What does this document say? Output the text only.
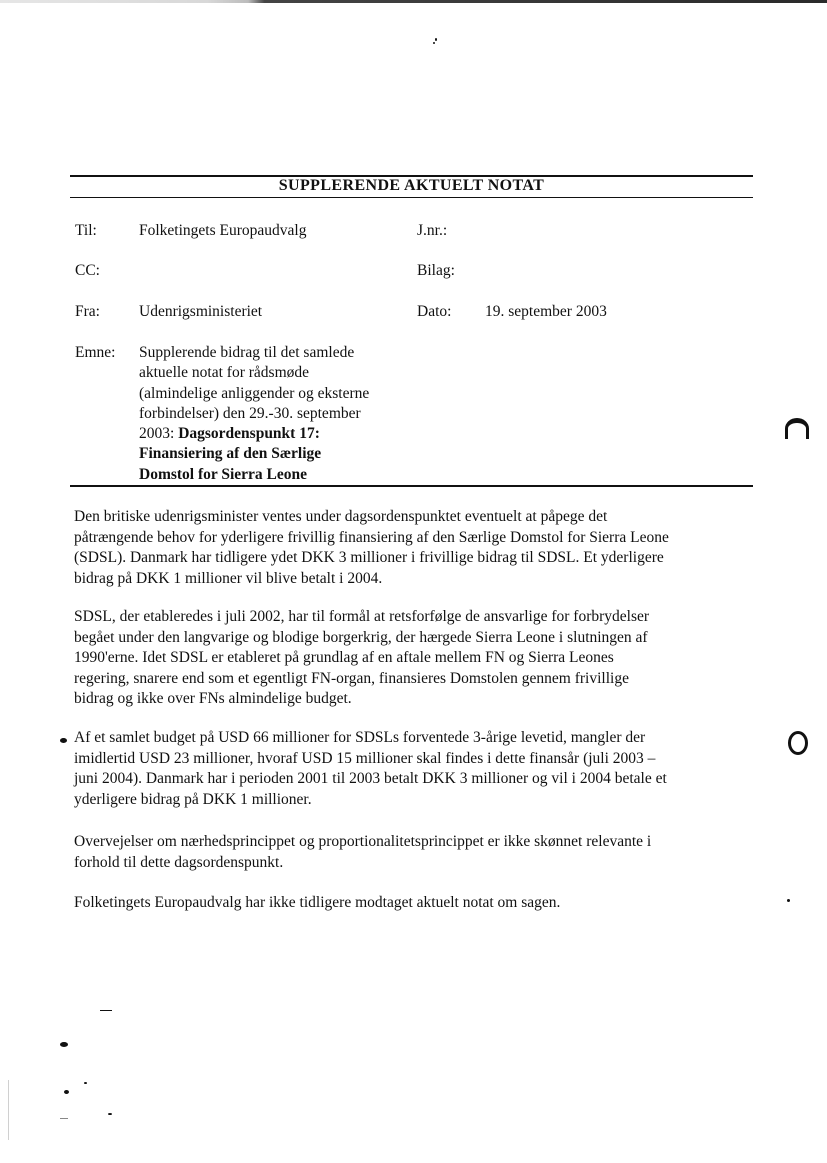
SUPPLERENDE AKTUELT NOTAT
Til:	Folketingets Europaudvalg	J.nr.:
CC:	Bilag:
Fra:	Udenrigsministeriet	Dato: 19. september 2003
Emne: Supplerende bidrag til det samlede
aktuelle notat for rådsmøde
(almindelige anliggender og eksterne
forbindelser) den 29.-30. september
2003: Dagsordenspunkt 17:
Finansiering af den Særlige
Domstol for Sierra Leone
Den britiske udenrigsminister ventes under dagsordenspunktet eventuelt at påpege det
påtrængende behov for yderligere frivillig finansiering af den Særlige Domstol for Sierra Leone
(SDSL). Danmark har tidligere ydet DKK 3 millioner i frivillige bidrag til SDSL. Et yderligere
bidrag på DKK 1 millioner vil blive betalt i 2004.
SDSL, der etableredes i juli 2002, har til formål at retsforfølge de ansvarlige for forbrydelser
begået under den langvarige og blodige borgerkrig, der hærgede Sierra Leone i slutningen af
1990'erne. Idet SDSL er etableret på grundlag af en aftale mellem FN og Sierra Leones
regering, snarere end som et egentligt FN-organ, finansieres Domstolen gennem frivillige
bidrag og ikke over FNs almindelige budget.
Af et samlet budget på USD 66 millioner for SDSLs forventede 3-årige levetid, mangler der
imidlertid USD 23 millioner, hvoraf USD 15 millioner skal findes i dette finansår (juli 2003 –
juni 2004). Danmark har i perioden 2001 til 2003 betalt DKK 3 millioner og vil i 2004 betale et
yderligere bidrag på DKK 1 millioner.
Overvejelser om nærhedsprincippet og proportionalitetsprincippet er ikke skønnet relevante i
forhold til dette dagsordenspunkt.
Folketingets Europaudvalg har ikke tidligere modtaget aktuelt notat om sagen.
